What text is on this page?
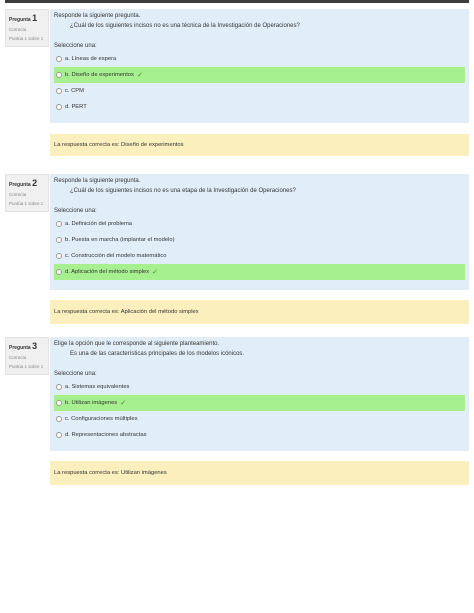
Pregunta 1
Correcta
Puntúa 1 sobre 1
Responde la siguiente pregunta.
¿Cuál de los siguientes incisos no es una técnica de la Investigación de Operaciones?
Seleccione una:
a. Líneas de espera
b. Diseño de experimentos ✓
c. CPM
d. PERT
La respuesta correcta es: Diseño de experimentos
Pregunta 2
Correcta
Puntúa 1 sobre 1
Responde la siguiente pregunta.
¿Cuál de los siguientes incisos no es una etapa de la Investigación de Operaciones?
Seleccione una:
a. Definición del problema
b. Puesta en marcha (implantar el modelo)
c. Construcción del modelo matemático
d. Aplicación del método simplex ✓
La respuesta correcta es: Aplicación del método simplex
Pregunta 3
Correcta
Puntúa 1 sobre 1
Elige la opción que le corresponde al siguiente planteamiento.
Es una de las características principales de los modelos icónicos.
Seleccione una:
a. Sistemas equivalentes
b. Utilizan imágenes ✓
c. Configuraciones múltiples
d. Representaciones abstractas
La respuesta correcta es: Utilizan imágenes
